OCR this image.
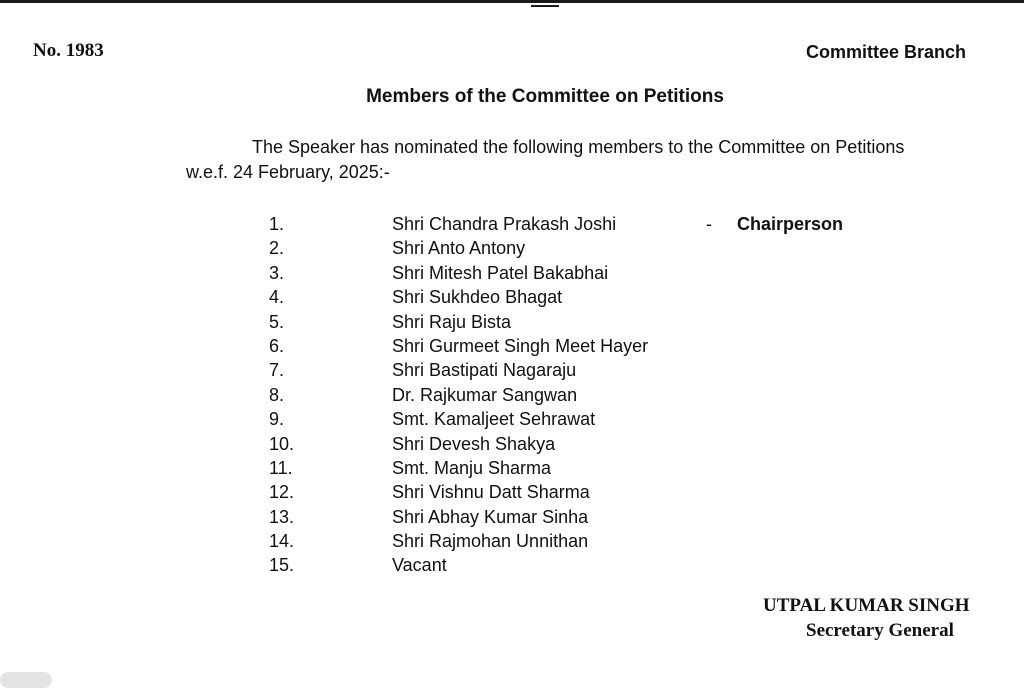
No. 1983	Committee Branch
Members of the Committee on Petitions
The Speaker has nominated the following members to the Committee on Petitions
w.e.f. 24 February, 2025:-
1.	Shri Chandra Prakash Joshi	- Chairperson
2.	Shri Anto Antony
3.	Shri Mitesh Patel Bakabhai
4.	Shri Sukhdeo Bhagat
5.	Shri Raju Bista
6.	Shri Gurmeet Singh Meet Hayer
7.	Shri Bastipati Nagaraju
8.	Dr. Rajkumar Sangwan
9.	Smt. Kamaljeet Sehrawat
10.	Shri Devesh Shakya
11.	Smt. Manju Sharma
12.	Shri Vishnu Datt Sharma
13.	Shri Abhay Kumar Sinha
14.	Shri Rajmohan Unnithan
15.	Vacant
UTPAL KUMAR SINGH
Secretary General
